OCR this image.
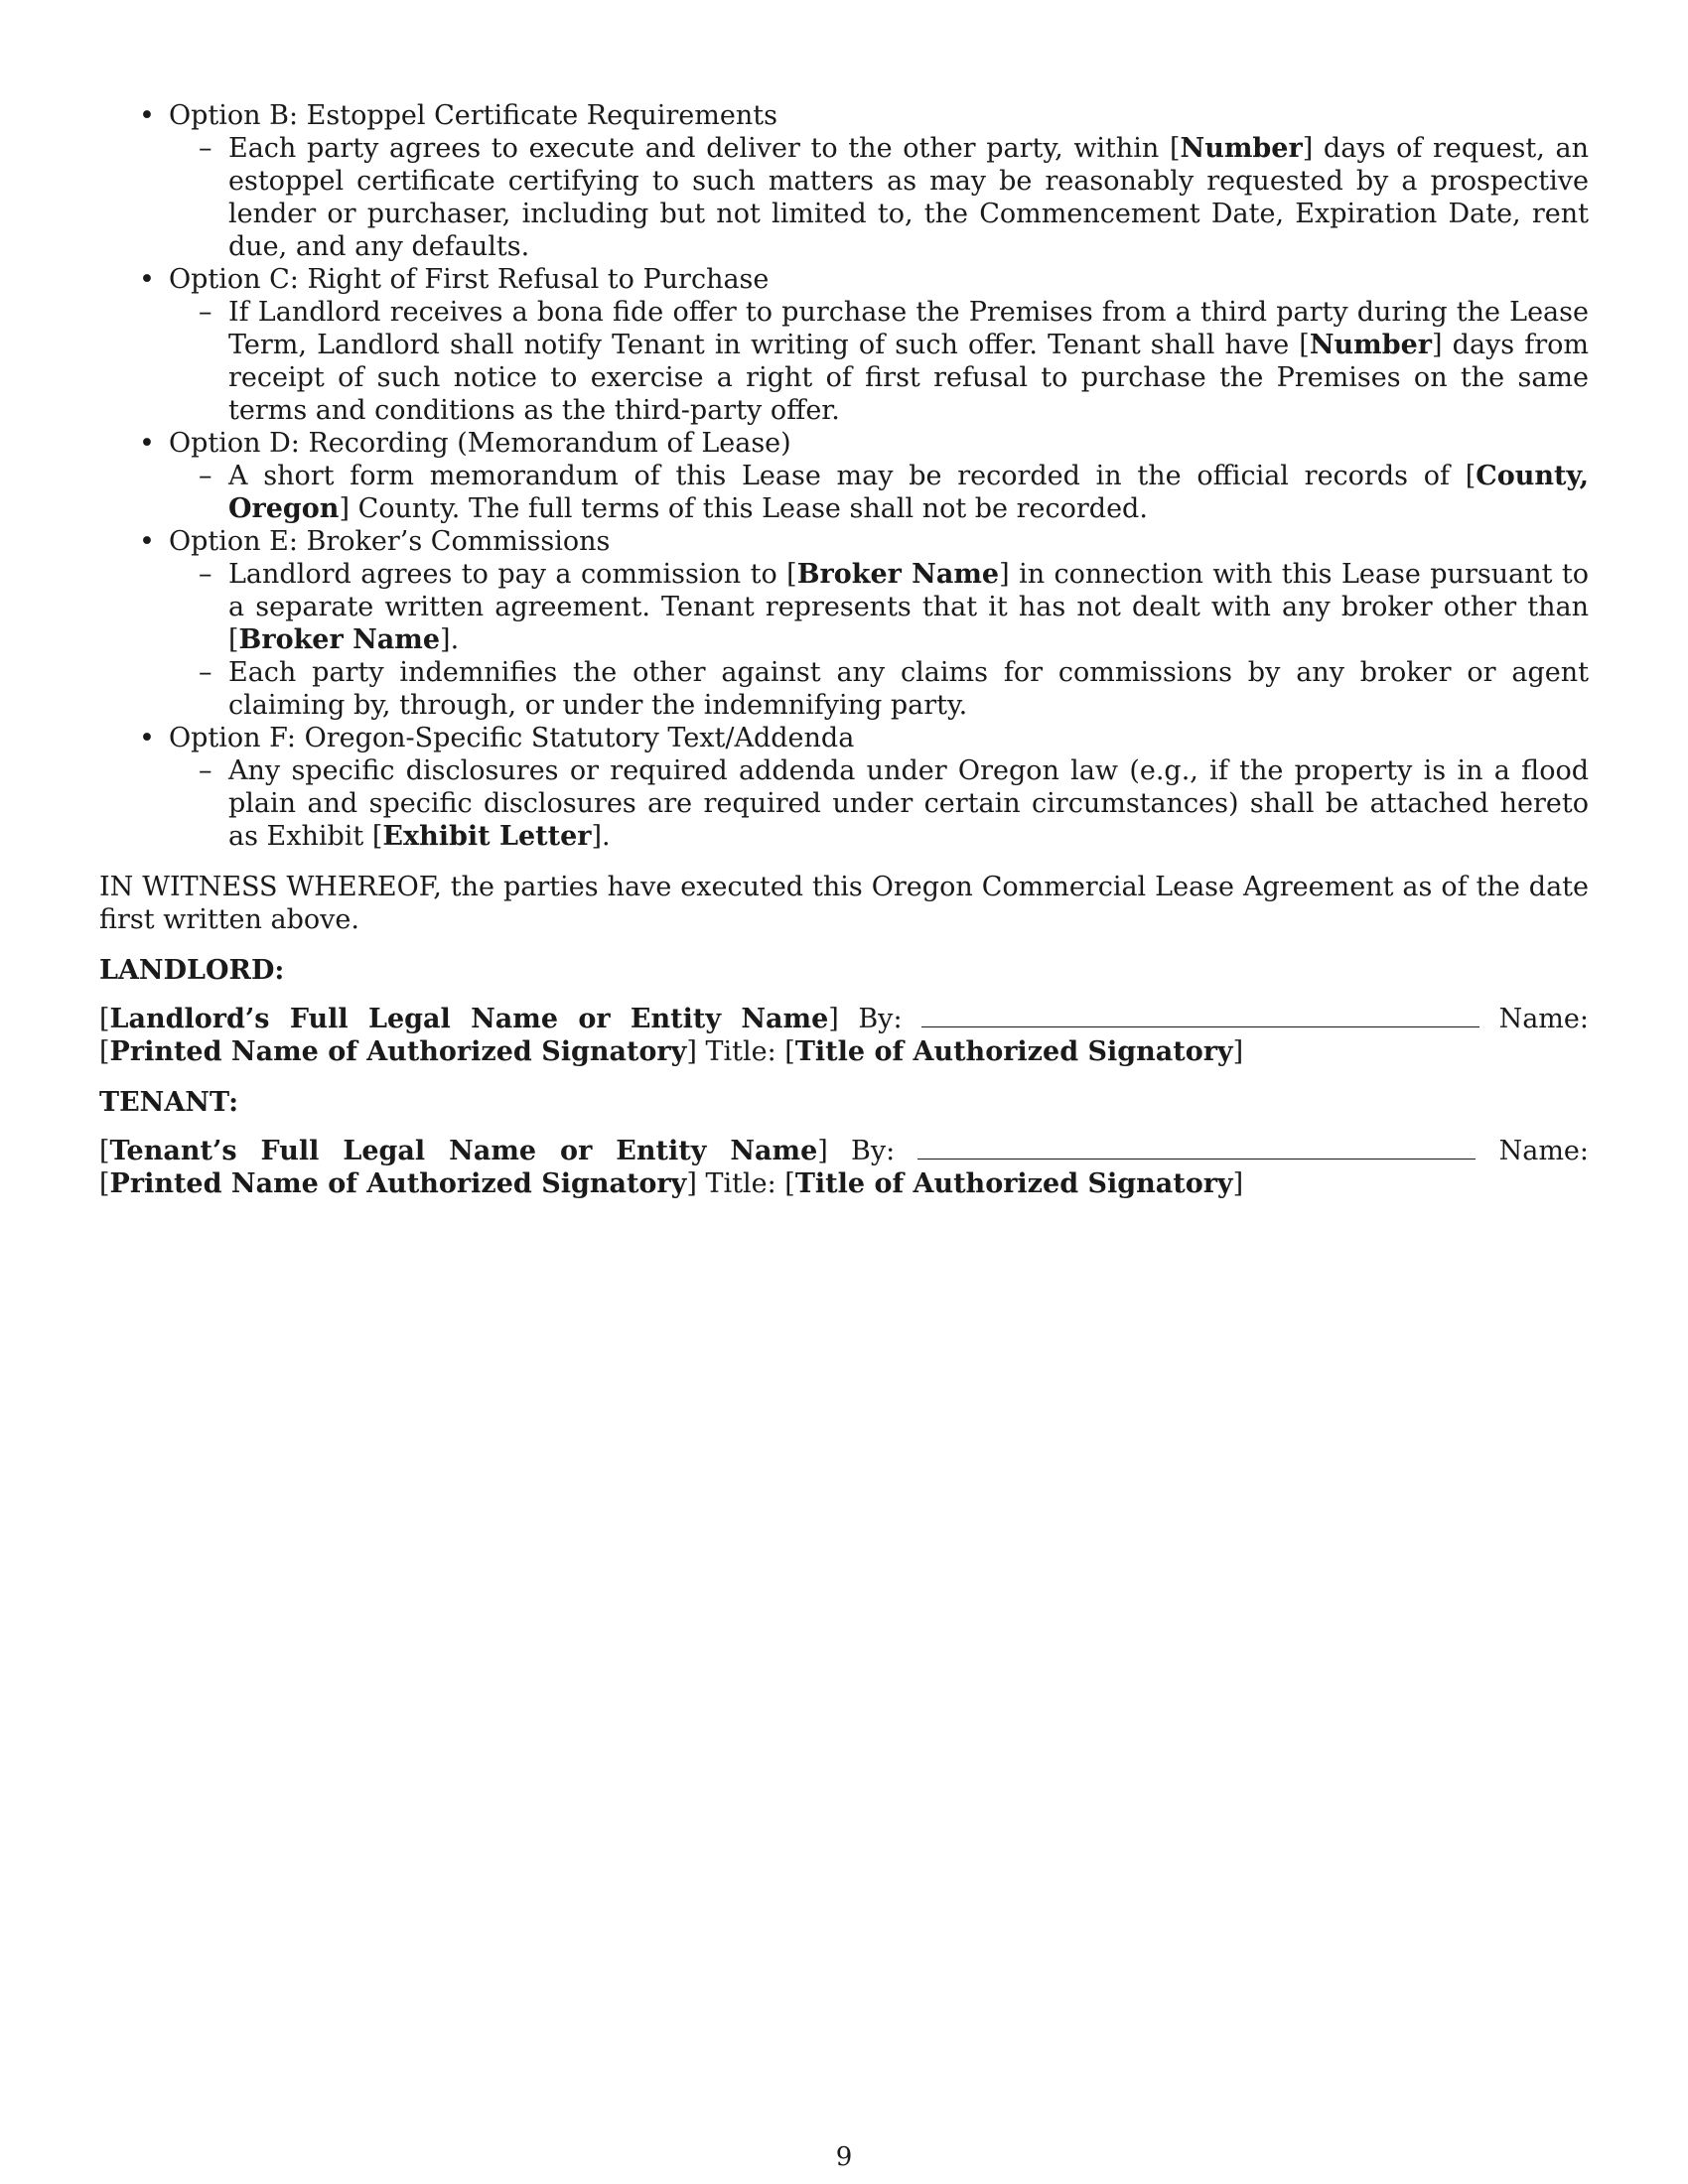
• Option B: Estoppel Certificate Requirements
– Each party agrees to execute and deliver to the other party, within [Number] days of request, an estoppel certificate certifying to such matters as may be reasonably requested by a prospective lender or purchaser, including but not limited to, the Commencement Date, Expiration Date, rent due, and any defaults.
• Option C: Right of First Refusal to Purchase
– If Landlord receives a bona fide offer to purchase the Premises from a third party during the Lease Term, Landlord shall notify Tenant in writing of such offer. Tenant shall have [Number] days from receipt of such notice to exercise a right of first refusal to purchase the Premises on the same terms and conditions as the third-party offer.
• Option D: Recording (Memorandum of Lease)
– A short form memorandum of this Lease may be recorded in the official records of [County, Oregon] County. The full terms of this Lease shall not be recorded.
• Option E: Broker’s Commissions
– Landlord agrees to pay a commission to [Broker Name] in connection with this Lease pursuant to a separate written agreement. Tenant represents that it has not dealt with any broker other than [Broker Name].
– Each party indemnifies the other against any claims for commissions by any broker or agent claiming by, through, or under the indemnifying party.
• Option F: Oregon-Specific Statutory Text/Addenda
– Any specific disclosures or required addenda under Oregon law (e.g., if the property is in a flood plain and specific disclosures are required under certain circumstances) shall be attached hereto as Exhibit [Exhibit Letter].

IN WITNESS WHEREOF, the parties have executed this Oregon Commercial Lease Agreement as of the date first written above.

LANDLORD:
[Landlord’s Full Legal Name or Entity Name] By:	Name: [Printed Name of Authorized Signatory] Title: [Title of Authorized Signatory]
TENANT:
[Tenant’s Full Legal Name or Entity Name] By:	Name: [Printed Name of Authorized Signatory] Title: [Title of Authorized Signatory]
9
